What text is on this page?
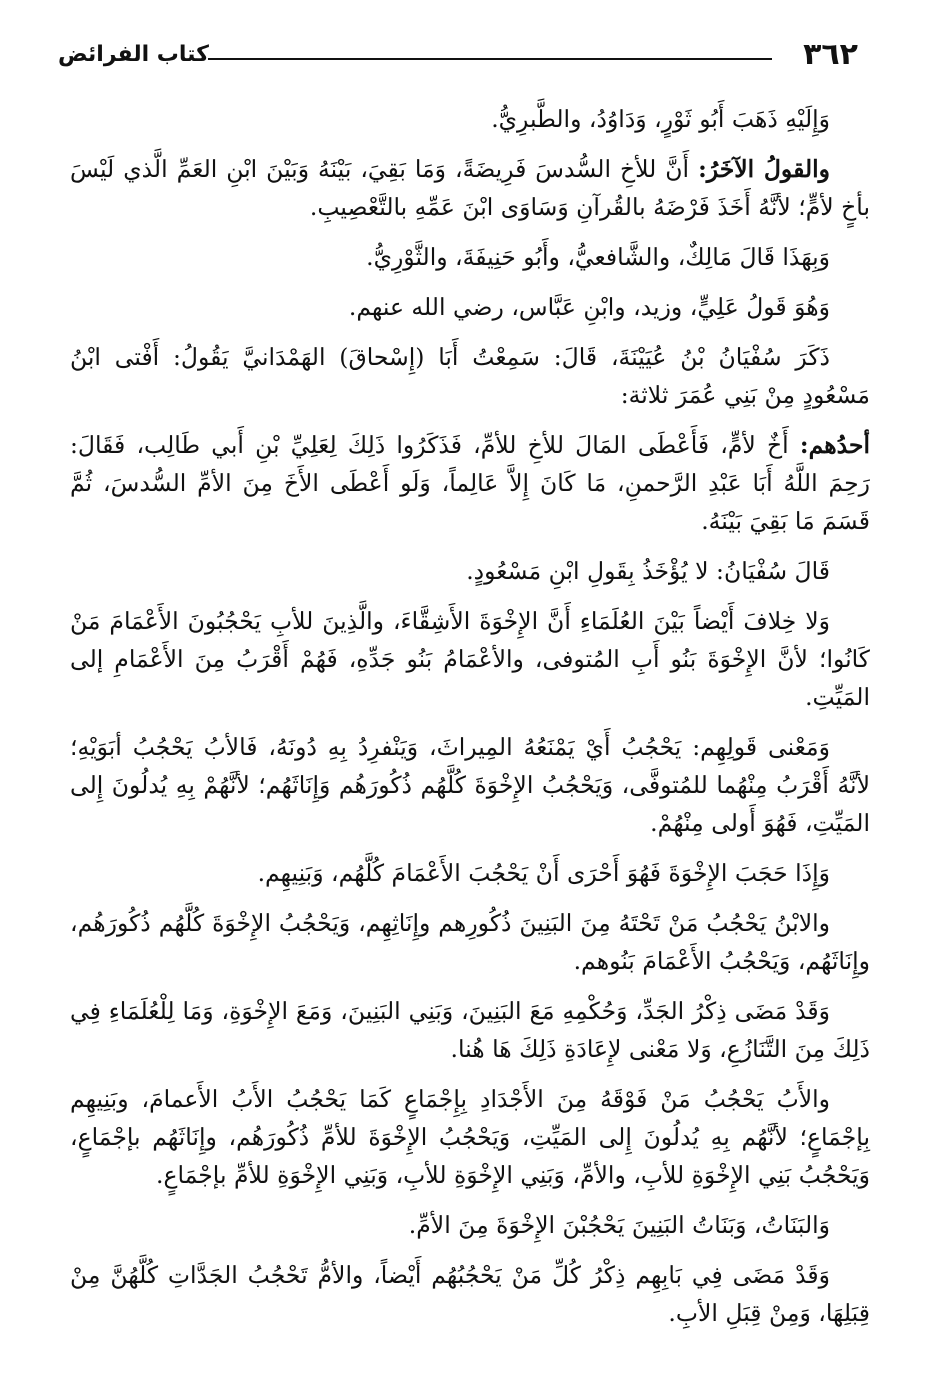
٣٦٢
كتاب الفرائض

وَإِلَيْهِ ذَهَبَ أَبُو ثَوْرٍ، وَدَاوُدُ، والطَّبرِيُّ.

والقولُ الآخَرُ: أَنَّ للأخِ السُّدسَ فَرِيضَةً، وَمَا بَقِيَ، بَيْنَهُ وَبَيْنَ ابْنِ العَمِّ الَّذي لَيْسَ بأخٍ لأمٍّ؛ لأنَّهُ أَخَذَ فَرْضَهُ بالقُرآنِ وَسَاوَى ابْنَ عَمِّهِ بالتَّعْصِيبِ.

وَبِهَذَا قَالَ مَالِكٌ، والشَّافعيُّ، وأَبُو حَنِيفَةَ، والثَّوْرِيُّ.

وَهُوَ قَولُ عَلِيٍّ، وزيد، وابْنِ عَبَّاس، رضي الله عنهم.

ذَكَرَ سُفْيَانُ بْنُ عُيَيْنَةَ، قَالَ: سَمِعْتُ أَبَا (إِسْحاقَ) الهَمْدَانيَّ يَقُولُ: أَفْتى ابْنُ مَسْعُودٍ مِنْ بَنِي عُمَرَ ثلاثة:

أحدُهم: أَخٌ لأمٍّ، فَأَعْطَى المَالَ للأخِ للأمِّ، فَذَكَرُوا ذَلِكَ لِعَلِيِّ بْنِ أَبي طَالِب، فَقَالَ: رَحِمَ اللَّهُ أَبَا عَبْدِ الرَّحمنِ، مَا كَانَ إِلاَّ عَالِماً، وَلَو أَعْطَى الأَخَ مِنَ الأمِّ السُّدسَ، ثُمَّ قَسَمَ مَا بَقِيَ بَيْنَهُ.

قَالَ سُفْيَانُ: لا يُؤْخَذُ بِقَولِ ابْنِ مَسْعُودٍ.

وَلا خِلافَ أَيْضاً بَيْنَ العُلَمَاءِ أَنَّ الإِخْوَةَ الأَشِقَّاءَ، والَّذِينَ للأبِ يَحْجُبُونَ الأَعْمَامَ مَنْ كَانُوا؛ لأنَّ الإِخْوَةَ بَنُو أَبِ المُتوفى، والأعْمَامُ بَنُو جَدِّهِ، فَهُمْ أَقْرَبُ مِنَ الأَعْمَامِ إلى المَيِّتِ.

وَمَعْنى قَولِهِم: يَحْجُبُ أَيْ يَمْنَعُهُ المِيراثَ، وَيَنْفرِدُ بِهِ دُونَهُ، فَالأبُ يَحْجُبُ أبَوَيْهِ؛ لأنَّهُ أَقْرَبُ مِنْهُما للمُتوفَّى، وَيَحْجُبُ الإِخْوَةَ كُلَّهُم ذُكُورَهُم وَإِنَاثَهُم؛ لأنَّهُمْ بِهِ يُدلُونَ إِلى المَيِّتِ، فَهُوَ أَولى مِنْهُمْ.

وَإِذَا حَجَبَ الإِخْوَةَ فَهُوَ أَحْرَى أَنْ يَحْجُبَ الأَعْمَامَ كُلَّهُم، وَبَنِيهِم.

والابْنُ يَحْجُبُ مَنْ تَحْتَهُ مِنَ البَنِينَ ذُكُورِهم وإِنَاثِهِم، وَيَحْجُبُ الإِخْوَةَ كُلَّهُم ذُكُورَهُم، وإِنَاثَهُم، وَيَحْجُبُ الأَعْمَامَ بَنُوهم.

وَقَدْ مَضَى ذِكْرُ الجَدِّ، وَحُكْمِهِ مَعَ البَنِينَ، وَبَنِي البَنِينَ، وَمَعَ الإِخْوَةِ، وَمَا لِلْعُلَمَاءِ فِي ذَلِكَ مِنَ التَّنَازُعِ، وَلا مَعْنى لإِعَادَةِ ذَلِكَ هَا هُنا.

والأَبُ يَحْجُبُ مَنْ فَوْقَهُ مِنَ الأَجْدَادِ بِإِجْمَاعٍ كَمَا يَحْجُبُ الأَبُ الأَعمامَ، وبَنِيهِم بِإجْمَاعٍ؛ لأنَّهُم بِهِ يُدلُونَ إِلى المَيِّتِ، وَيَحْجُبُ الإِخْوَةَ للأمِّ ذُكُورَهُم، وإِنَاثَهُم بإجْمَاعٍ، وَيَحْجُبُ بَنِي الإِخْوَةِ للأبِ، والأمِّ، وَبَنِي الإِخْوَةِ للأبِ، وَبَنِي الإِخْوَةِ للأمِّ بإجْمَاعٍ.

وَالبَنَاتُ، وَبَنَاتُ البَنِينَ يَحْجُبْنَ الإِخْوَةَ مِنَ الأمِّ.

وَقَدْ مَضَى فِي بَابِهِم ذِكْرُ كُلِّ مَنْ يَحْجُبُهُم أَيْضاً، والأمُّ تَحْجُبُ الجَدَّاتِ كُلَّهُنَّ مِنْ قِبَلِهَا، وَمِنْ قِبَلِ الأبِ.
